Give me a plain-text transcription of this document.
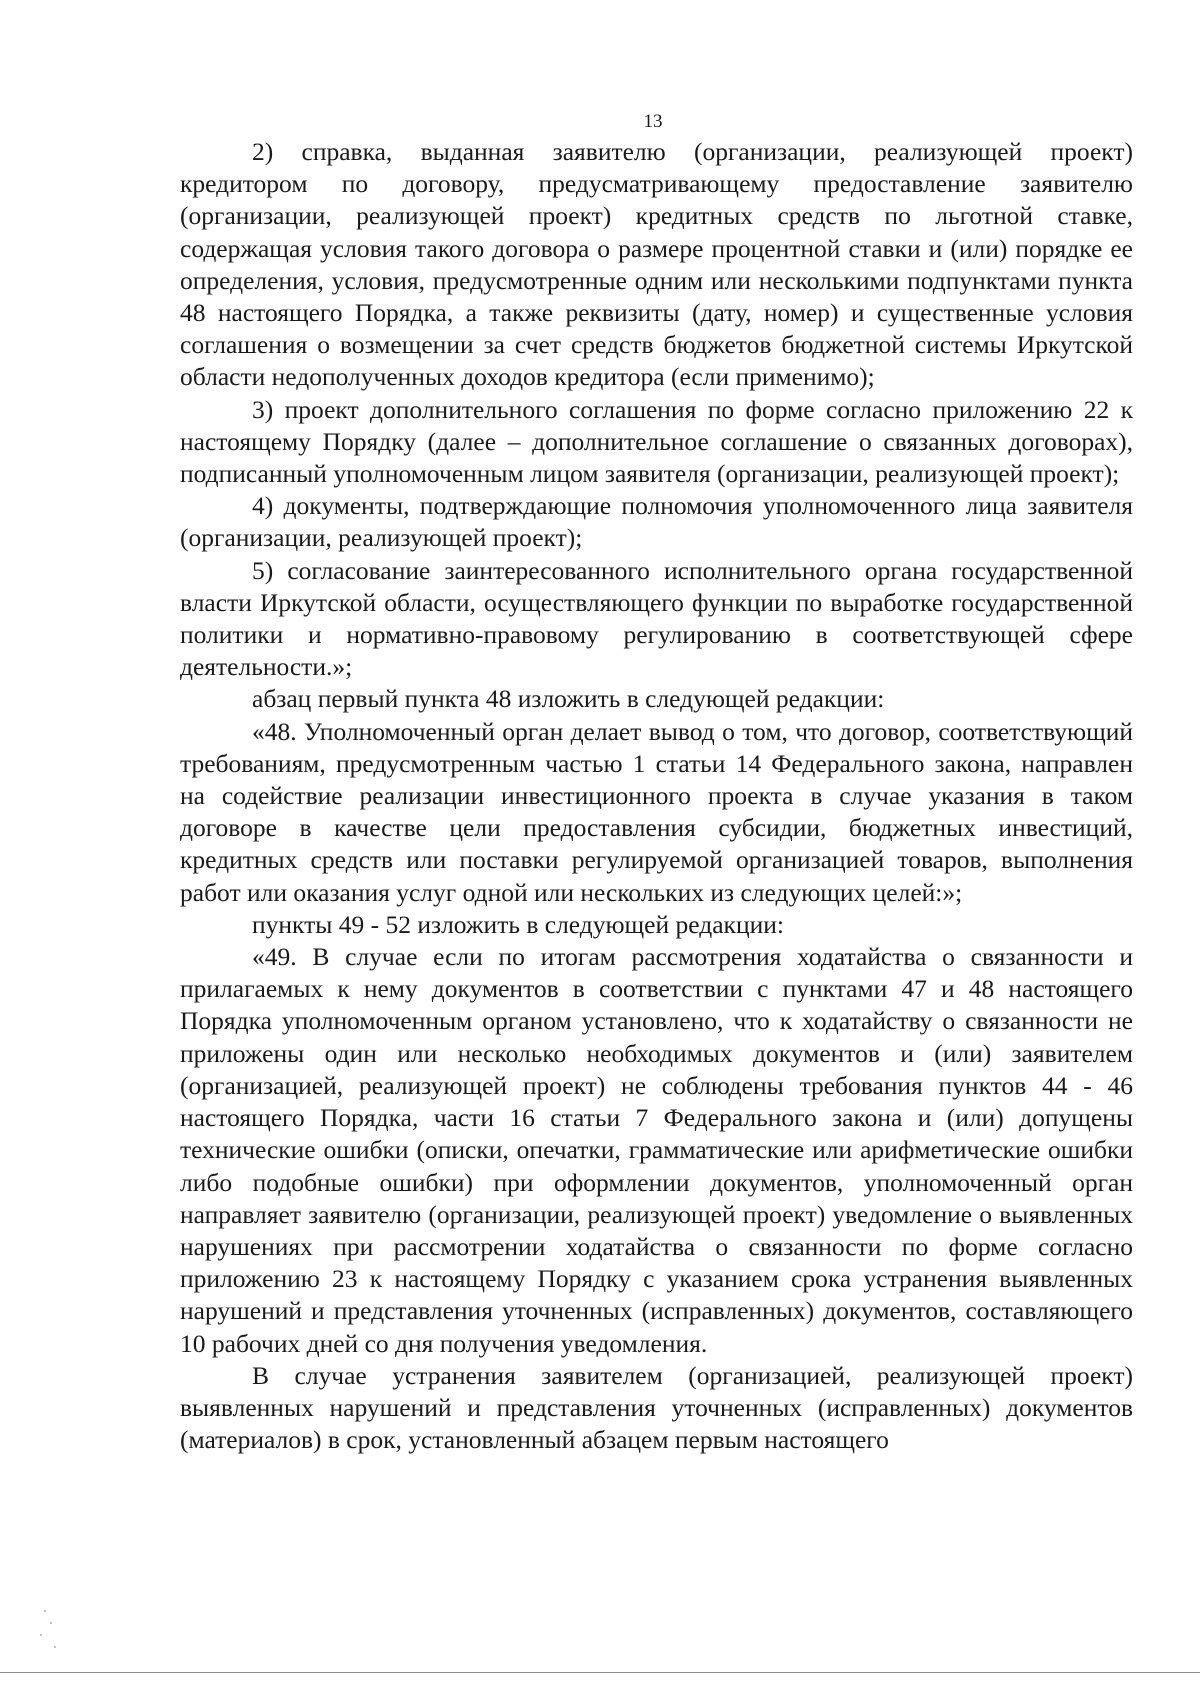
13

2) справка, выданная заявителю (организации, реализующей проект) кредитором по договору, предусматривающему предоставление заявителю (организации, реализующей проект) кредитных средств по льготной ставке, содержащая условия такого договора о размере процентной ставки и (или) порядке ее определения, условия, предусмотренные одним или несколькими подпунктами пункта 48 настоящего Порядка, а также реквизиты (дату, номер) и существенные условия соглашения о возмещении за счет средств бюджетов бюджетной системы Иркутской области недополученных доходов кредитора (если применимо);

3) проект дополнительного соглашения по форме согласно приложению 22 к настоящему Порядку (далее – дополнительное соглашение о связанных договорах), подписанный уполномоченным лицом заявителя (организации, реализующей проект);

4) документы, подтверждающие полномочия уполномоченного лица заявителя (организации, реализующей проект);

5) согласование заинтересованного исполнительного органа государственной власти Иркутской области, осуществляющего функции по выработке государственной политики и нормативно-правовому регулированию в соответствующей сфере деятельности.»;

абзац первый пункта 48 изложить в следующей редакции:

«48. Уполномоченный орган делает вывод о том, что договор, соответствующий требованиям, предусмотренным частью 1 статьи 14 Федерального закона, направлен на содействие реализации инвестиционного проекта в случае указания в таком договоре в качестве цели предоставления субсидии, бюджетных инвестиций, кредитных средств или поставки регулируемой организацией товаров, выполнения работ или оказания услуг одной или нескольких из следующих целей:»;

пункты 49 - 52 изложить в следующей редакции:

«49. В случае если по итогам рассмотрения ходатайства о связанности и прилагаемых к нему документов в соответствии с пунктами 47 и 48 настоящего Порядка уполномоченным органом установлено, что к ходатайству о связанности не приложены один или несколько необходимых документов и (или) заявителем (организацией, реализующей проект) не соблюдены требования пунктов 44 - 46 настоящего Порядка, части 16 статьи 7 Федерального закона и (или) допущены технические ошибки (описки, опечатки, грамматические или арифметические ошибки либо подобные ошибки) при оформлении документов, уполномоченный орган направляет заявителю (организации, реализующей проект) уведомление о выявленных нарушениях при рассмотрении ходатайства о связанности по форме согласно приложению 23 к настоящему Порядку с указанием срока устранения выявленных нарушений и представления уточненных (исправленных) документов, составляющего 10 рабочих дней со дня получения уведомления.

В случае устранения заявителем (организацией, реализующей проект) выявленных нарушений и представления уточненных (исправленных) документов (материалов) в срок, установленный абзацем первым настоящего
